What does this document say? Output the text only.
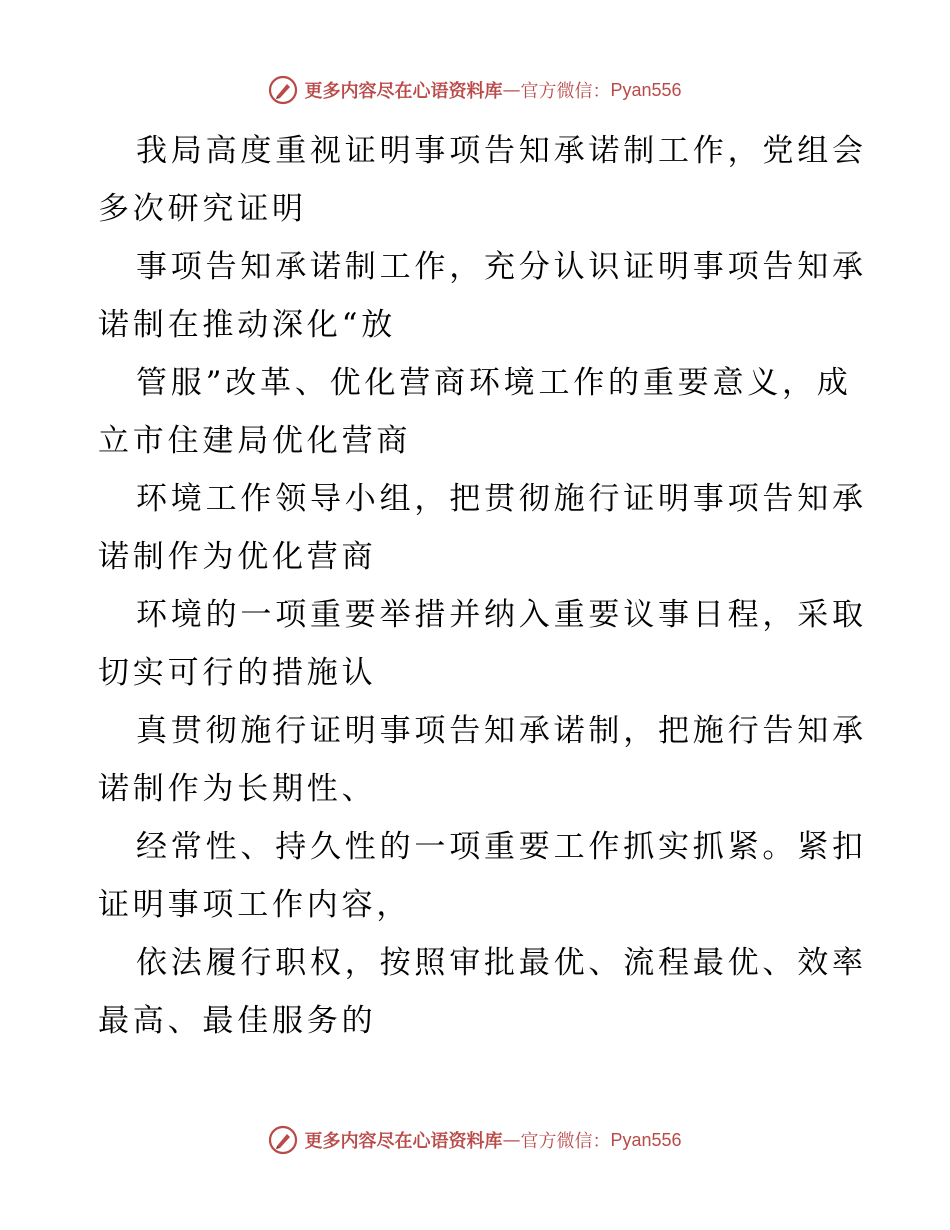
更多内容尽在心语资料库 — 官方微信： Pyan556

我局高度重视证明事项告知承诺制工作，党组会
多次研究证明

事项告知承诺制工作，充分认识证明事项告知承
诺制在推动深化“放

管服”改革、优化营商环境工作的重要意义，成
立市住建局优化营商

环境工作领导小组，把贯彻施行证明事项告知承
诺制作为优化营商

环境的一项重要举措并纳入重要议事日程，采取
切实可行的措施认

真贯彻施行证明事项告知承诺制，把施行告知承
诺制作为长期性、

经常性、持久性的一项重要工作抓实抓紧。紧扣
证明事项工作内容，

依法履行职权，按照审批最优、流程最优、效率
最高、最佳服务的

更多内容尽在心语资料库 — 官方微信： Pyan556
